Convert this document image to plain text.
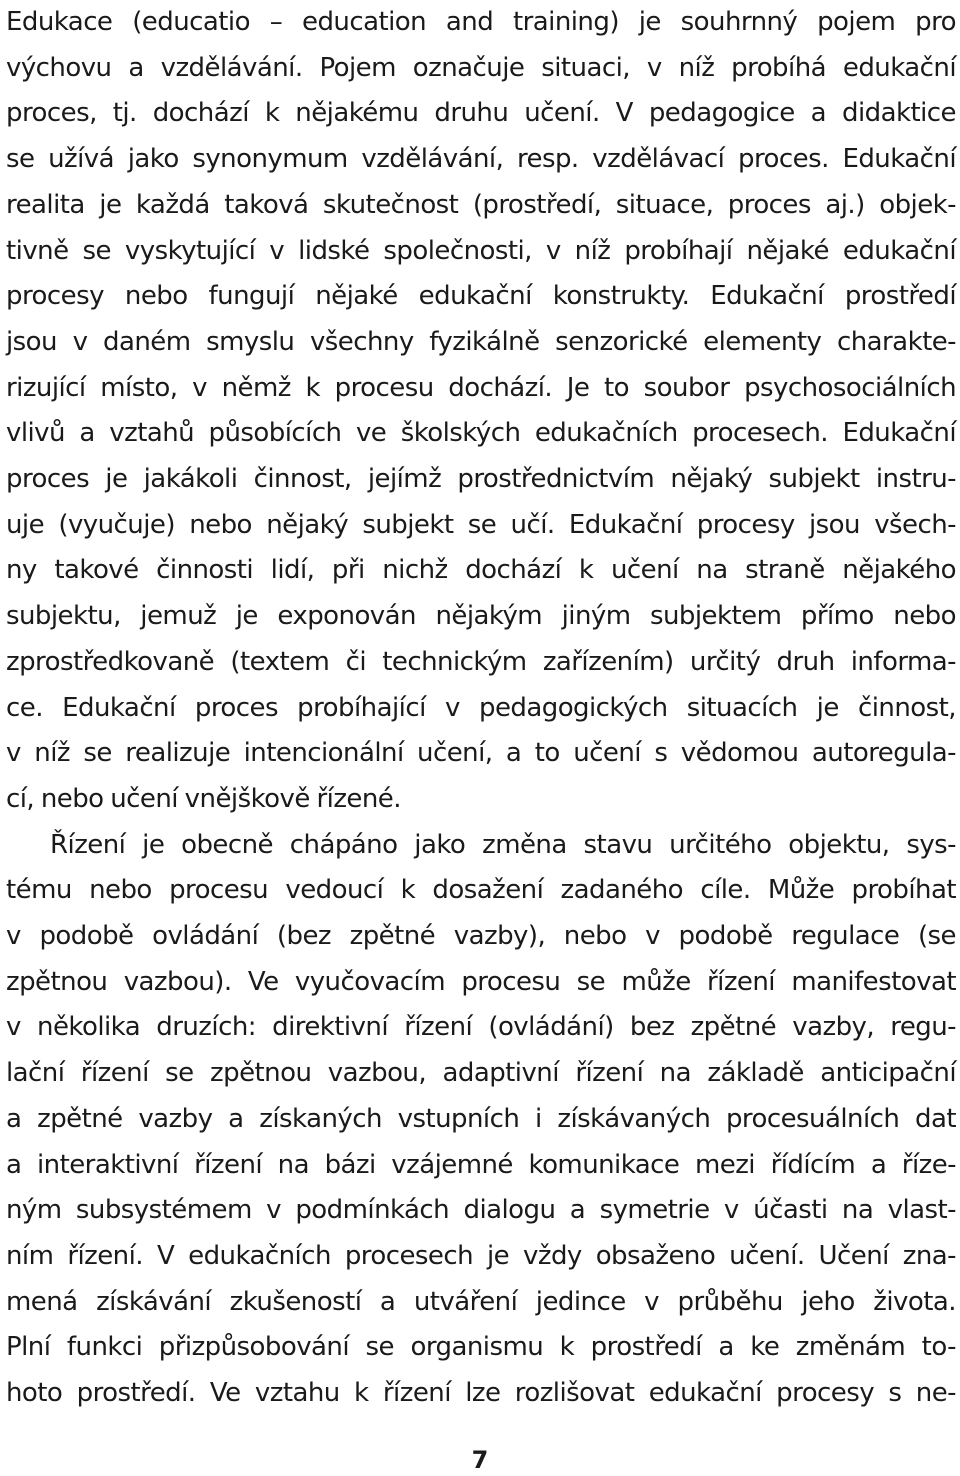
Edukace (educatio – education and training) je souhrnný pojem pro
výchovu a vzdělávání. Pojem označuje situaci, v níž probíhá edukační
proces, tj. dochází k nějakému druhu učení. V pedagogice a didaktice
se užívá jako synonymum vzdělávání, resp. vzdělávací proces. Edukační
realita je každá taková skutečnost (prostředí, situace, proces aj.) objek-
tivně se vyskytující v lidské společnosti, v níž probíhají nějaké edukační
procesy nebo fungují nějaké edukační konstrukty. Edukační prostředí
jsou v daném smyslu všechny fyzikálně senzorické elementy charakte-
rizující místo, v němž k procesu dochází. Je to soubor psychosociálních
vlivů a vztahů působících ve školských edukačních procesech. Edukační
proces je jakákoli činnost, jejímž prostřednictvím nějaký subjekt instru-
uje (vyučuje) nebo nějaký subjekt se učí. Edukační procesy jsou všech-
ny takové činnosti lidí, při nichž dochází k učení na straně nějakého
subjektu, jemuž je exponován nějakým jiným subjektem přímo nebo
zprostředkovaně (textem či technickým zařízením) určitý druh informa-
ce. Edukační proces probíhající v pedagogických situacích je činnost,
v níž se realizuje intencionální učení, a to učení s vědomou autoregula-
cí, nebo učení vnějškově řízené.

Řízení je obecně chápáno jako změna stavu určitého objektu, sys-
tému nebo procesu vedoucí k dosažení zadaného cíle. Může probíhat
v podobě ovládání (bez zpětné vazby), nebo v podobě regulace (se
zpětnou vazbou). Ve vyučovacím procesu se může řízení manifestovat
v několika druzích: direktivní řízení (ovládání) bez zpětné vazby, regu-
lační řízení se zpětnou vazbou, adaptivní řízení na základě anticipační
a zpětné vazby a získaných vstupních i získávaných procesuálních dat
a interaktivní řízení na bázi vzájemné komunikace mezi řídícím a říze-
ným subsystémem v podmínkách dialogu a symetrie v účasti na vlast-
ním řízení. V edukačních procesech je vždy obsaženo učení. Učení zna-
mená získávání zkušeností a utváření jedince v průběhu jeho života.
Plní funkci přizpůsobování se organismu k prostředí a ke změnám to-
hoto prostředí. Ve vztahu k řízení lze rozlišovat edukační procesy s ne-

7
